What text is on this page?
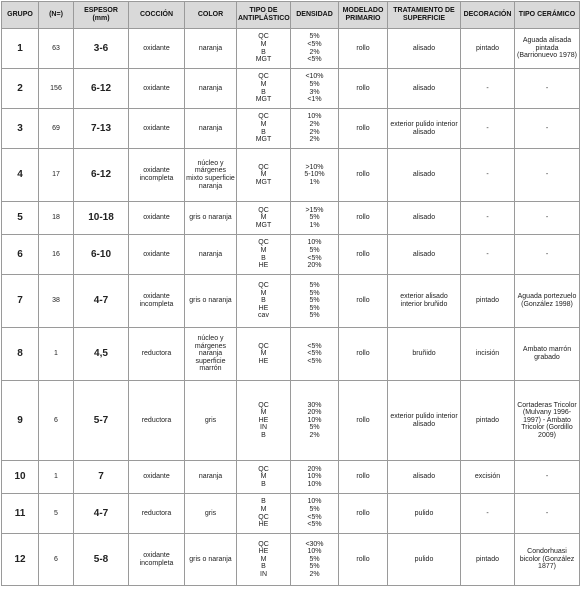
GRUPO	(N=)	ESPESOR (mm)	COCCIÓN	COLOR	TIPO DE ANTIPLÁSTICO	DENSIDAD	MODELADO PRIMARIO	TRATAMIENTO DE SUPERFICIE	DECORACIÓN	TIPO CERÁMICO
1	63	3-6	oxidante	naranja	QC
M
B
MGT	5%
<5%
2%
<5%	rollo	alisado	pintado	Aguada alisada pintada (Barrionuevo 1978)
2	156	6-12	oxidante	naranja	QC
M
B
MGT	<10%
5%
3%
<1%	rollo	alisado	-	-
3	69	7-13	oxidante	naranja	QC
M
B
MGT	10%
2%
2%
2%	rollo	exterior pulido interior alisado	-	-
4	17	6-12	oxidante incompleta	núcleo y márgenes mixto superficie naranja	QC
M
MGT	>10%
5-10%
1%	rollo	alisado	-	-
5	18	10-18	oxidante	gris o naranja	QC
M
MGT	>15%
5%
1%	rollo	alisado	-	-
6	16	6-10	oxidante	naranja	QC
M
B
HE	10%
5%
<5%
20%	rollo	alisado	-	-
7	38	4-7	oxidante incompleta	gris o naranja	QC
M
B
HE
cav	5%
5%
5%
5%
5%	rollo	exterior alisado interior bruñido	pintado	Aguada portezuelo (González 1998)
8	1	4,5	reductora	núcleo y márgenes naranja superficie marrón	QC
M
HE	<5%
<5%
<5%	rollo	bruñido	incisión	Ambato marrón grabado
9	6	5-7	reductora	gris	QC
M
HE
IN
B	30%
20%
10%
5%
2%	rollo	exterior pulido interior alisado	pintado	Cortaderas Tricolor (Mulvany 1996-1997) - Ambato Tricolor (Gordillo 2009)
10	1	7	oxidante	naranja	QC
M
B	20%
10%
10%	rollo	alisado	excisión	-
11	5	4-7	reductora	gris	B
M
QC
HE	10%
5%
<5%
<5%	rollo	pulido	-	-
12	6	5-8	oxidante incompleta	gris o naranja	QC
HE
M
B
IN	<30%
10%
5%
5%
2%	rollo	pulido	pintado	Condorhuasi bicolor (González 1877)
